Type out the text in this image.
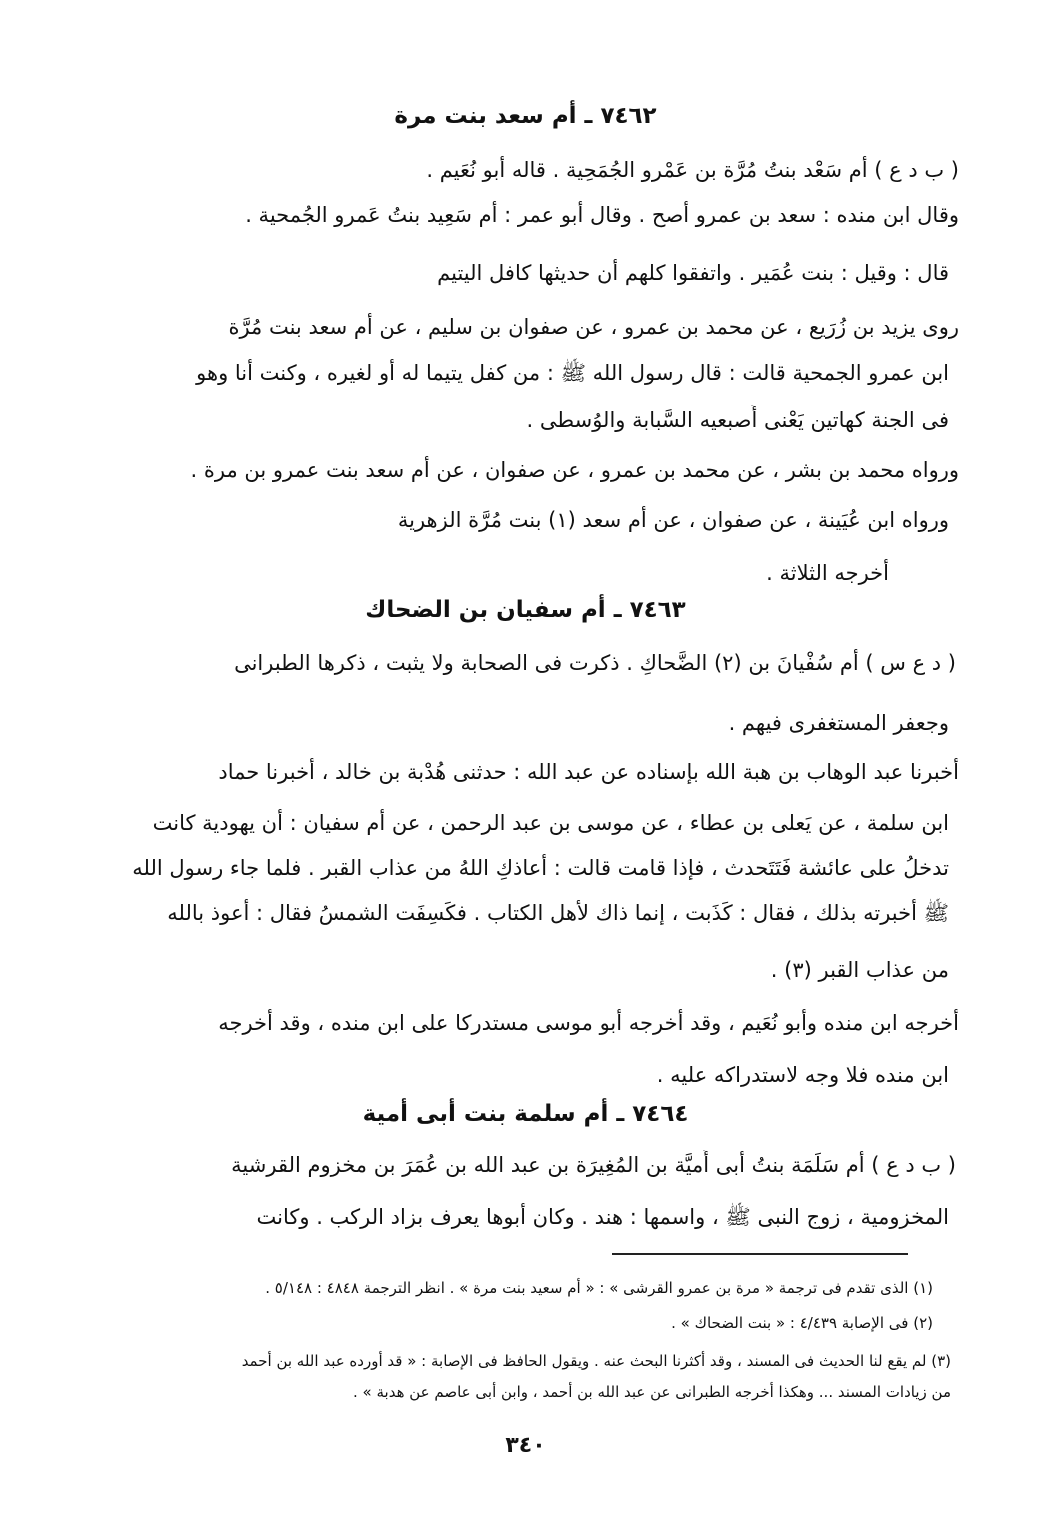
٧٤٦٢ ـ أم سعد بنت مرة
( ب د ع ) أم سَعْد بنتُ مُرَّة بن عَمْرو الجُمَحِية . قاله أبو نُعَيم .
وقال ابن منده : سعد بن عمرو أصح . وقال أبو عمر : أم سَعِيد بنتُ عَمرو الجُمحية .
قال : وقيل : بنت عُمَير . واتفقوا كلهم أن حديثها كافل اليتيم
روى يزيد بن زُرَيع ، عن محمد بن عمرو ، عن صفوان بن سليم ، عن أم سعد بنت مُرَّة
ابن عمرو الجمحية قالت : قال رسول الله ﷺ : من كفل يتيما له أو لغيره ، وكنت أنا وهو
فى الجنة كهاتين يَعْنى أُصبعيه السَّبابة والوُسطى .
ورواه محمد بن بشر ، عن محمد بن عمرو ، عن صفوان ، عن أم سعد بنت عمرو بن مرة .
ورواه ابن عُيَينة ، عن صفوان ، عن أم سعد (١) بنت مُرَّة الزهرية
أخرجه الثلاثة .
٧٤٦٣ ـ أم سفيان بن الضحاك
( د ع س ) أم سُفْيانَ بن (٢) الضَّحاكِ . ذكرت فى الصحابة ولا يثبت ، ذكرها الطبرانى
وجعفر المستغفرى فيهم .
أخبرنا عبد الوهاب بن هبة الله بإسناده عن عبد الله : حدثنى هُدْبة بن خالد ، أخبرنا حماد
ابن سلمة ، عن يَعلى بن عطاء ، عن موسى بن عبد الرحمن ، عن أم سفيان : أن يهودية كانت
تدخلُ على عائشة فَتَتَحدث ، فإذا قامت قالت : أعاذكِ اللهُ من عذاب القبر . فلما جاء رسول الله
ﷺ أخبرته بذلك ، فقال : كَذَبت ، إنما ذاك لأهل الكتاب . فكَسِفَت الشمسُ فقال : أعوذ بالله
من عذاب القبر (٣) .
أخرجه ابن منده وأبو نُعَيم ، وقد أخرجه أبو موسى مستدركا على ابن منده ، وقد أخرجه
ابن منده فلا وجه لاستدراكه عليه .
٧٤٦٤ ـ أم سلمة بنت أبى أمية
( ب د ع ) أم سَلَمَة بنتُ أبى أُميَّة بن المُغِيرَة بن عبد الله بن عُمَرَ بن مخزوم القرشية
المخزومية ، زوج النبى ﷺ ، واسمها : هند . وكان أبوها يعرف بزاد الركب . وكانت
(١) الذى تقدم فى ترجمة « مرة بن عمرو القرشى » : « أم سعيد بنت مرة » . انظر الترجمة ٤٨٤٨ : ٥/١٤٨ .
(٢) فى الإصابة ٤/٤٣٩ : « بنت الضحاك » .
(٣) لم يقع لنا الحديث فى المسند ، وقد أكثرنا البحث عنه . ويقول الحافظ فى الإصابة : « قد أورده عبد الله بن أحمد
من زيادات المسند ... وهكذا أخرجه الطبرانى عن عبد الله بن أحمد ، وابن أبى عاصم عن هدبة » .
٣٤٠
